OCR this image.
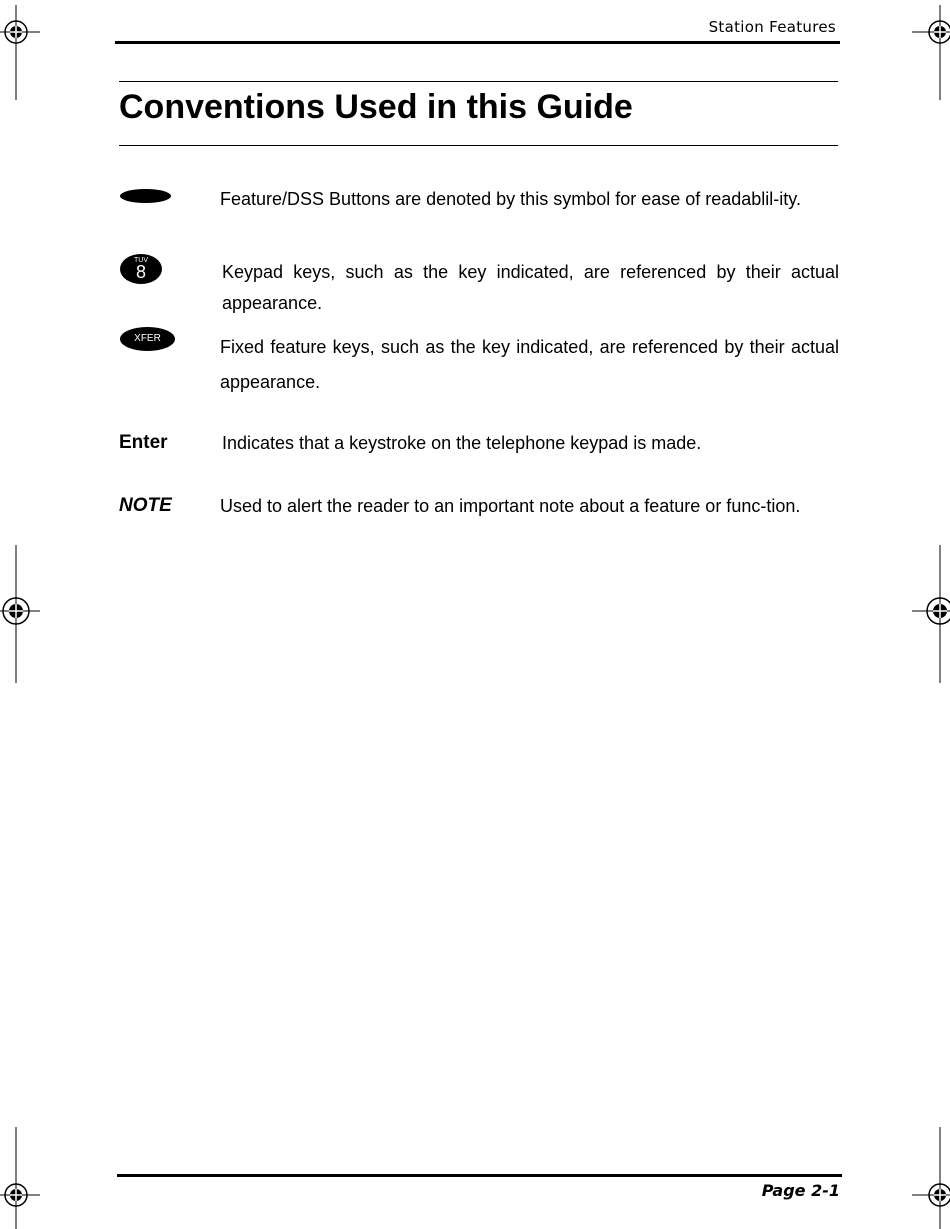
Station Features
Conventions Used in this Guide

Feature/DSS Buttons are denoted by this symbol for ease of readablil-ity.

TUV
8	Keypad keys, such as the key indicated, are referenced by their actual appearance.

XFER	Fixed feature keys, such as the key indicated, are referenced by their actual appearance.

Enter	Indicates that a keystroke on the telephone keypad is made.

NOTE	Used to alert the reader to an important note about a feature or func-tion.

Page 2-1
